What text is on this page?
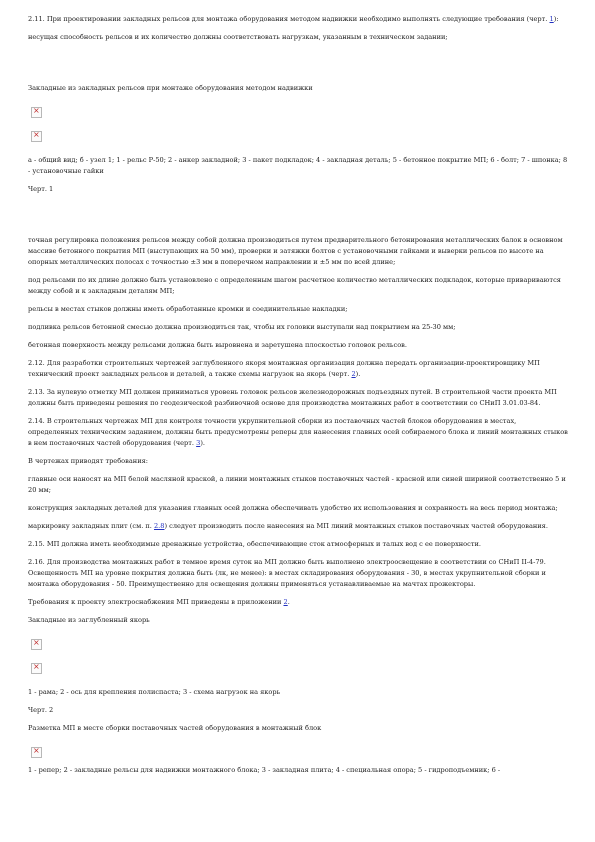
2.11. При проектировании закладных рельсов для монтажа оборудования методом надвижки необходимо выполнять следующие требования (черт. 1):

несущая способность рельсов и их количество должны соответствовать нагрузкам, указанным в техническом задании;

Закладные из закладных рельсов при монтаже оборудования методом надвижки

×
×

а - общий вид; б - узел 1; 1 - рельс Р-50; 2 - анкер закладной; 3 - пакет подкладок; 4 - закладная деталь; 5 - бетонное покрытие МП; 6 - болт; 7 - шпонка; 8 - установочные гайки

Черт. 1

точная регулировка положения рельсов между собой должна производиться путем предварительного бетонирования металлических балок в основном массиве бетонного покрытия МП (выступающих на 50 мм), проверки и затяжки болтов с установочными гайками и выверки рельсов по высоте на опорных металлических полосах с точностью ±3 мм в поперечном направлении и ±5 мм по всей длине;

под рельсами по их длине должно быть установлено с определенным шагом расчетное количество металлических подкладок, которые привариваются между собой и к закладным деталям МП;

рельсы в местах стыков должны иметь обработанные кромки и соединительные накладки;

подливка рельсов бетонной смесью должна производиться так, чтобы их головки выступали над покрытием на 25-30 мм;

бетонная поверхность между рельсами должна быть выровнена и заретушена плоскостью головок рельсов.

2.12. Для разработки строительных чертежей заглубленного якоря монтажная организация должна передать организации-проектировщику МП технический проект закладных рельсов и деталей, а также схемы нагрузок на якорь (черт. 2).

2.13. За нулевую отметку МП должен приниматься уровень головок рельсов железнодорожных подъездных путей. В строительной части проекта МП должны быть приведены решения по геодезической разбивочной основе для производства монтажных работ в соответствии со СНиП 3.01.03-84.

2.14. В строительных чертежах МП для контроля точности укрупнительной сборки из поставочных частей блоков оборудования в местах, определенных техническим заданием, должны быть предусмотрены реперы для нанесения главных осей собираемого блока и линий монтажных стыков в нем поставочных частей оборудования (черт. 3).

В чертежах приводят требования:

главные оси наносят на МП белой масляной краской, а линии монтажных стыков поставочных частей - красной или синей шириной соответственно 5 и 20 мм;

конструкция закладных деталей для указания главных осей должна обеспечивать удобство их использования и сохранность на весь период монтажа;

маркировку закладных плит (см. п. 2.8) следует производить после нанесения на МП линий монтажных стыков поставочных частей оборудования.

2.15. МП должна иметь необходимые дренажные устройства, обеспечивающие сток атмосферных и талых вод с ее поверхности.

2.16. Для производства монтажных работ в темное время суток на МП должно быть выполнено электроосвещение в соответствии со СНиП II-4-79. Освещенность МП на уровне покрытия должна быть (лк, не менее): в местах складирования оборудования - 30, в местах укрупнительной сборки и монтажа оборудования - 50. Преимущественно для освещения должны применяться устанавливаемые на мачтах прожекторы.

Требования к проекту электроснабжения МП приведены в приложении 2.

Закладные из заглубленный якорь

×
×

1 - рама; 2 - ось для крепления полиспаста; 3 - схема нагрузок на якорь

Черт. 2

Разметка МП в месте сборки поставочных частей оборудования в монтажный блок

×

1 - репер; 2 - закладные рельсы для надвижки монтажного блока; 3 - закладная плита; 4 - специальная опора; 5 - гидроподъемник; 6 -
